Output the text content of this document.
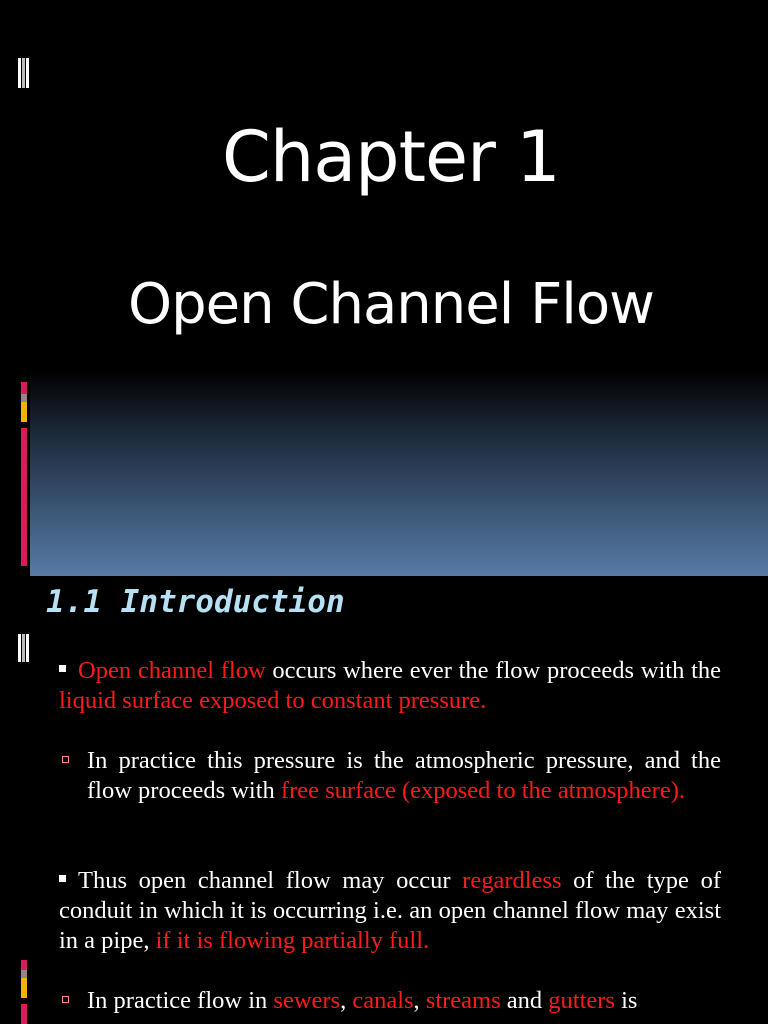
Chapter 1
Open Channel Flow
1.1 Introduction
Open channel flow occurs where ever the flow proceeds with the liquid surface exposed to constant pressure.
In practice this pressure is the atmospheric pressure, and the flow proceeds with free surface (exposed to the atmosphere).
Thus open channel flow may occur regardless of the type of conduit in which it is occurring i.e. an open channel flow may exist in a pipe, if it is flowing partially full.
In practice flow in sewers, canals, streams and gutters is
